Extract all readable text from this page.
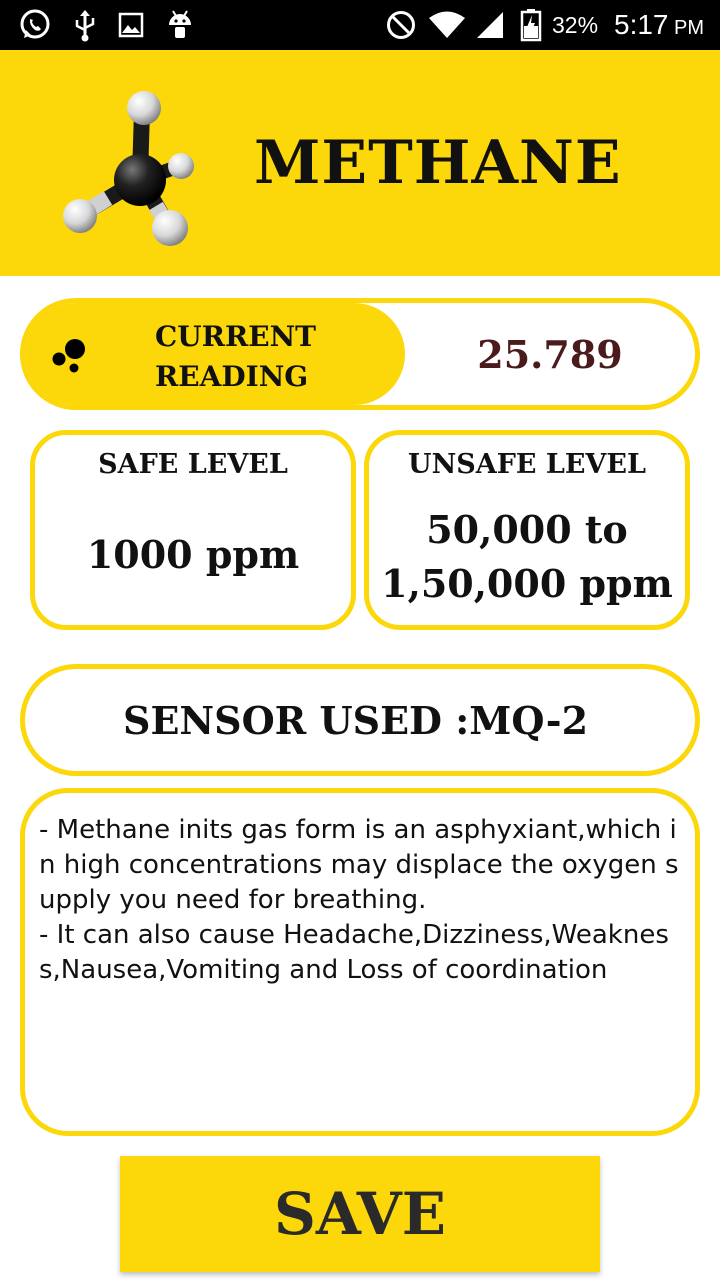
32% 5:17 PM
METHANE
CURRENT READING	25.789
SAFE LEVEL
1000 ppm
UNSAFE LEVEL
50,000 to 1,50,000 ppm
SENSOR USED :MQ-2
- Methane inits gas form is an asphyxiant,which in high concentrations may displace the oxygen supply you need for breathing.
- It can also cause Headache,Dizziness,Weakness,Nausea,Vomiting and Loss of coordination
SAVE
